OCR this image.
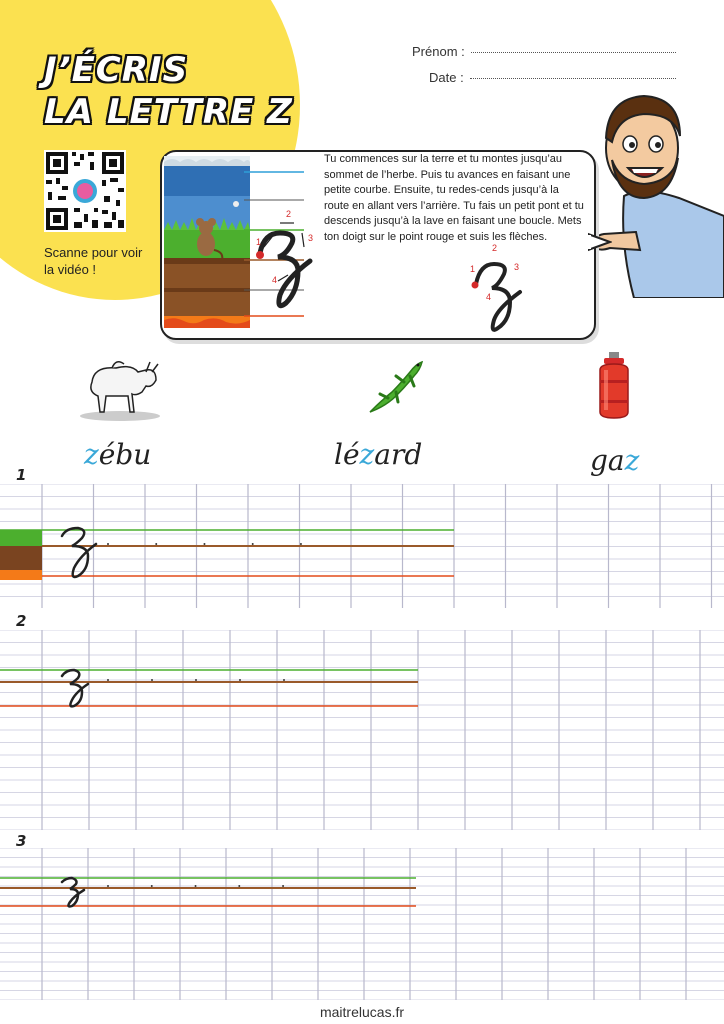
J’ÉCRIS
LA LETTRE Z
Scanne pour voir la vidéo !
Prénom :
Date :
1
2
3
4
Tu commences sur la terre et tu montes jusqu’au sommet de l’herbe. Puis tu avances en faisant une petite courbe. Ensuite, tu redes-cends jusqu’à la route en allant vers l’arrière. Tu fais un petit pont et tu descends jusqu’à la lave en faisant une boucle. Mets ton doigt sur le point rouge et suis les flèches.
1
2
3
4
zébu	lézard	gaz
1
2
3
maitrelucas.fr
